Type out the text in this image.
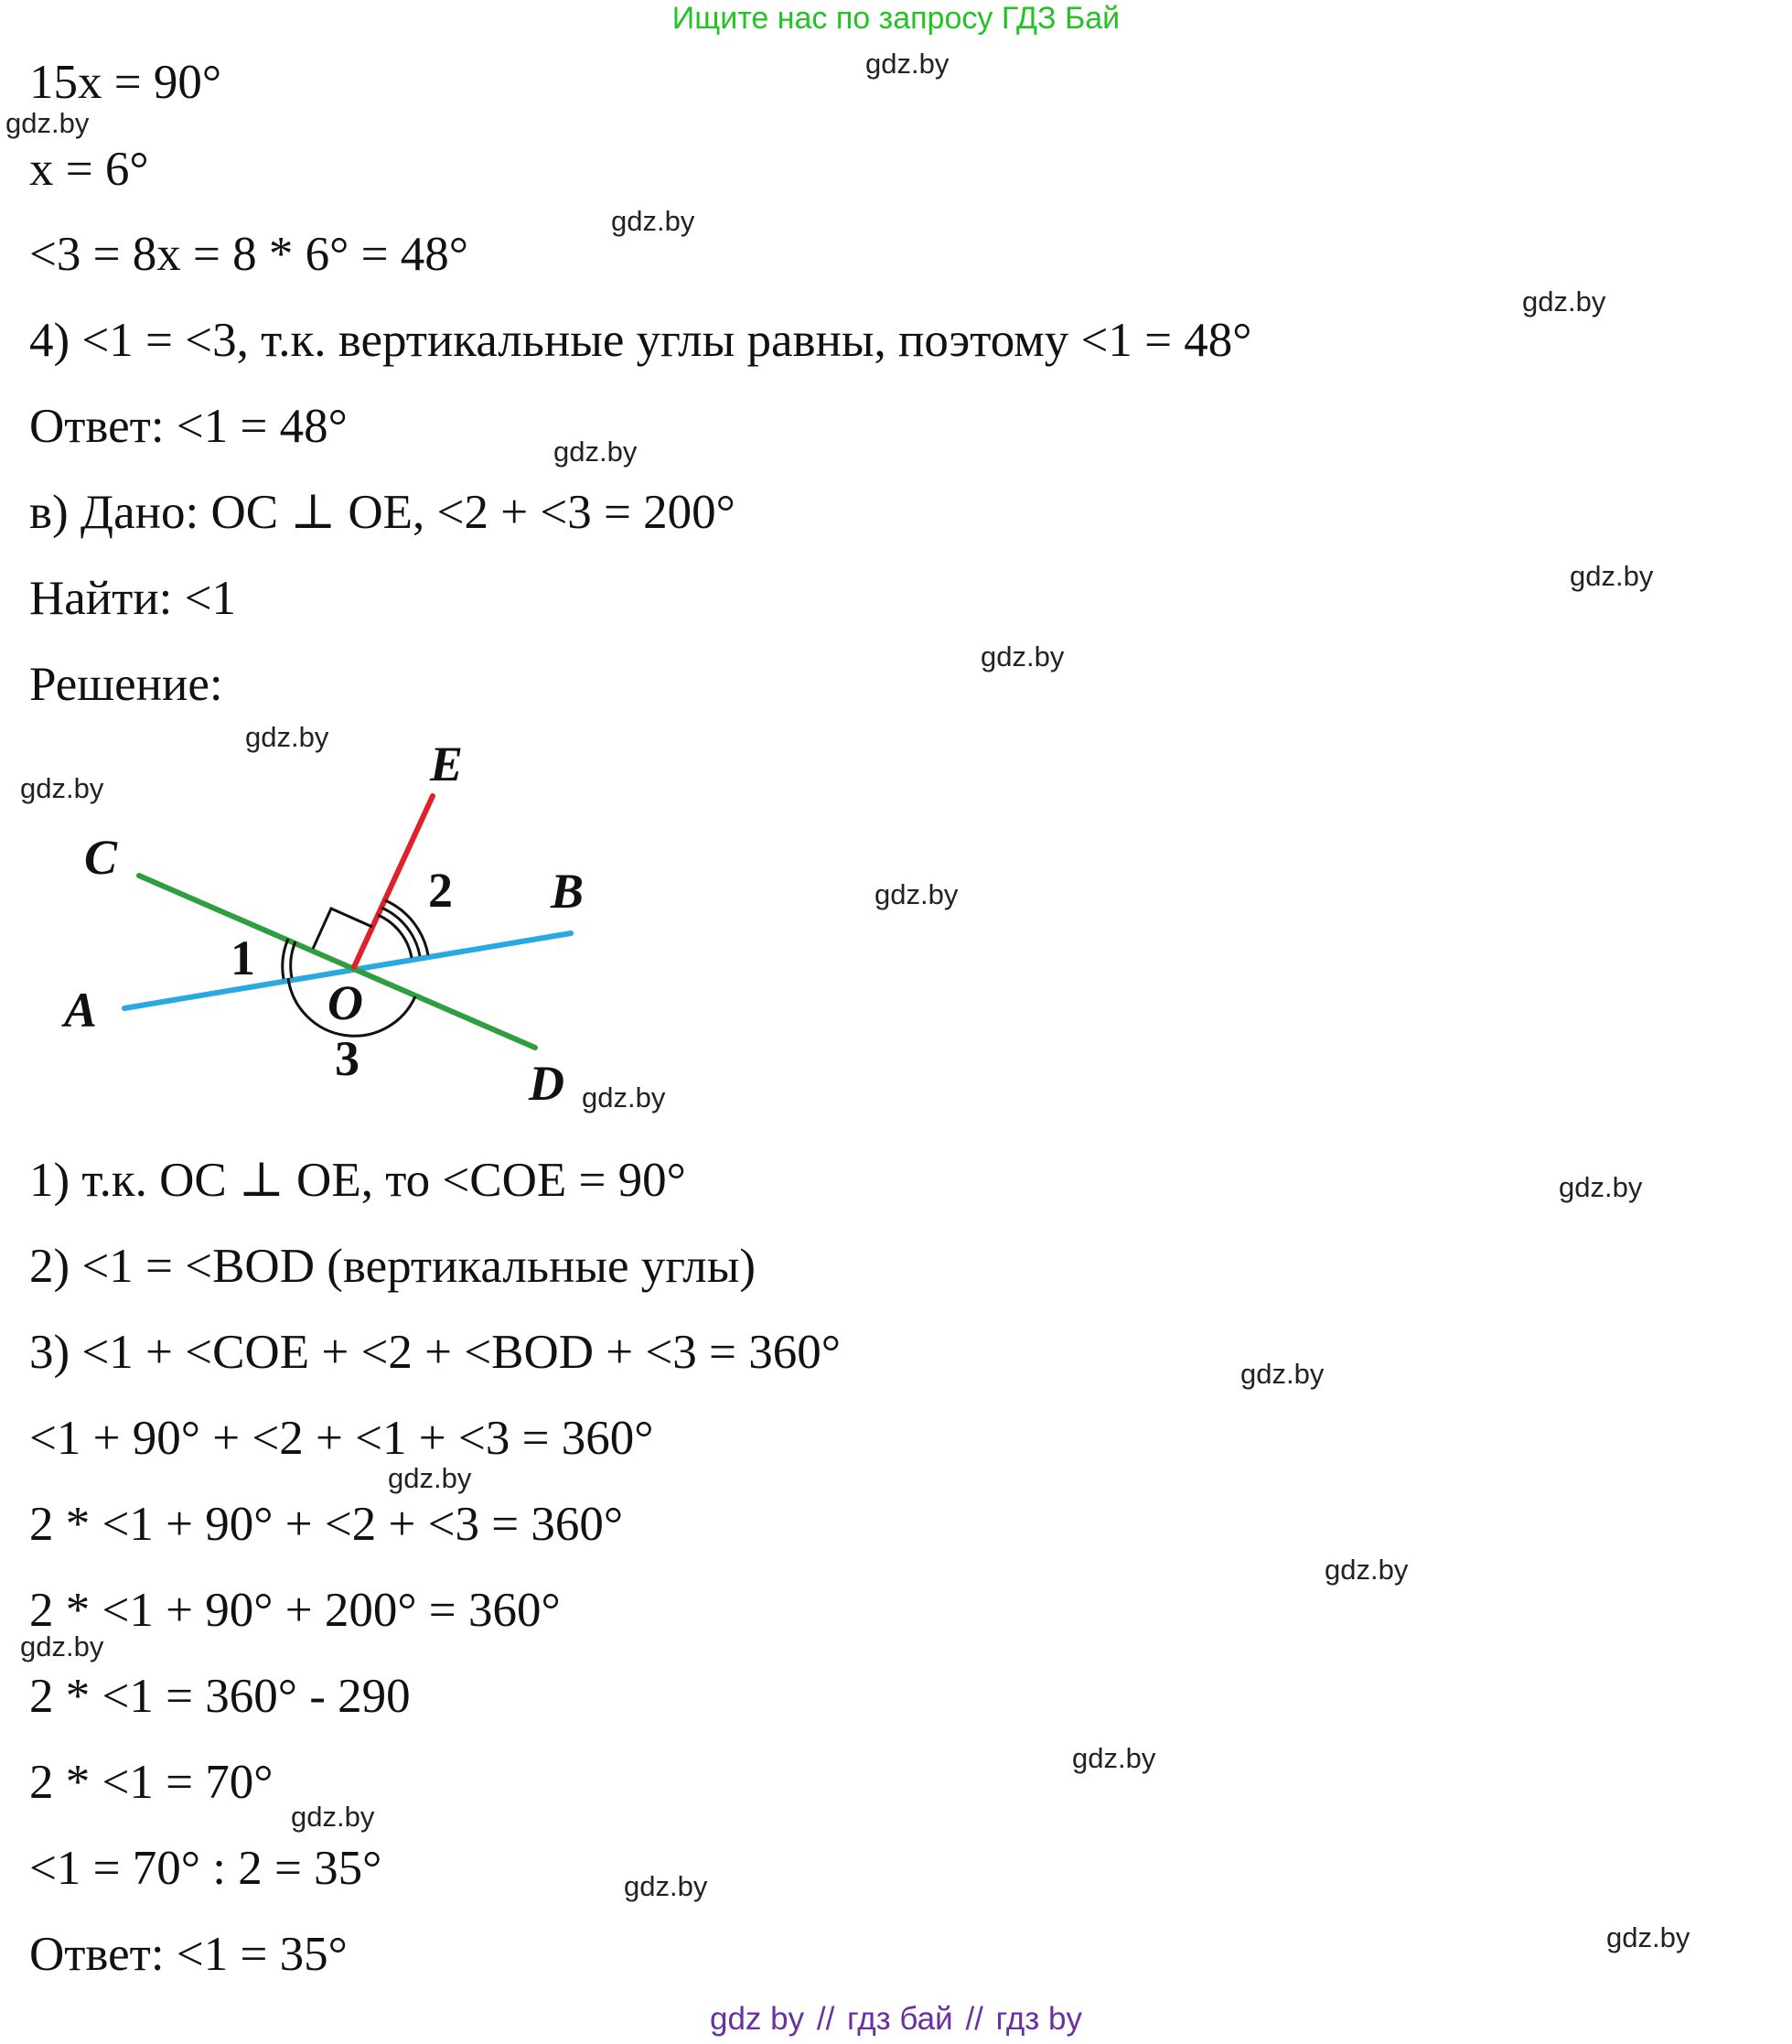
Ищите нас по запросу ГДЗ Бай
15x = 90°
x = 6°
<3 = 8x = 8 * 6° = 48°
4) <1 = <3, т.к. вертикальные углы равны, поэтому <1 = 48°
Ответ: <1 = 48°
в) Дано: OC ⊥ OE, <2 + <3 = 200°
Найти: <1
Решение:
E
C
B
A	O
D
1
2
3
1) т.к. OC ⊥ OE, то <COE = 90°
2) <1 = <BOD (вертикальные углы)
3) <1 + <COE + <2 + <BOD + <3 = 360°
<1 + 90° + <2 + <1 + <3 = 360°
2 * <1 + 90° + <2 + <3 = 360°
2 * <1 + 90° + 200° = 360°
2 * <1 = 360° - 290
2 * <1 = 70°
<1 = 70° : 2 = 35°
Ответ: <1 = 35°
gdz.by
gdz.by
gdz.by
gdz.by
gdz.by
gdz.by
gdz.by
gdz.by
gdz.by
gdz.by
gdz.by
gdz.by
gdz.by
gdz.by
gdz.by
gdz.by
gdz.by
gdz.by
gdz.by
gdz.by
gdz by // гдз бай // гдз by
